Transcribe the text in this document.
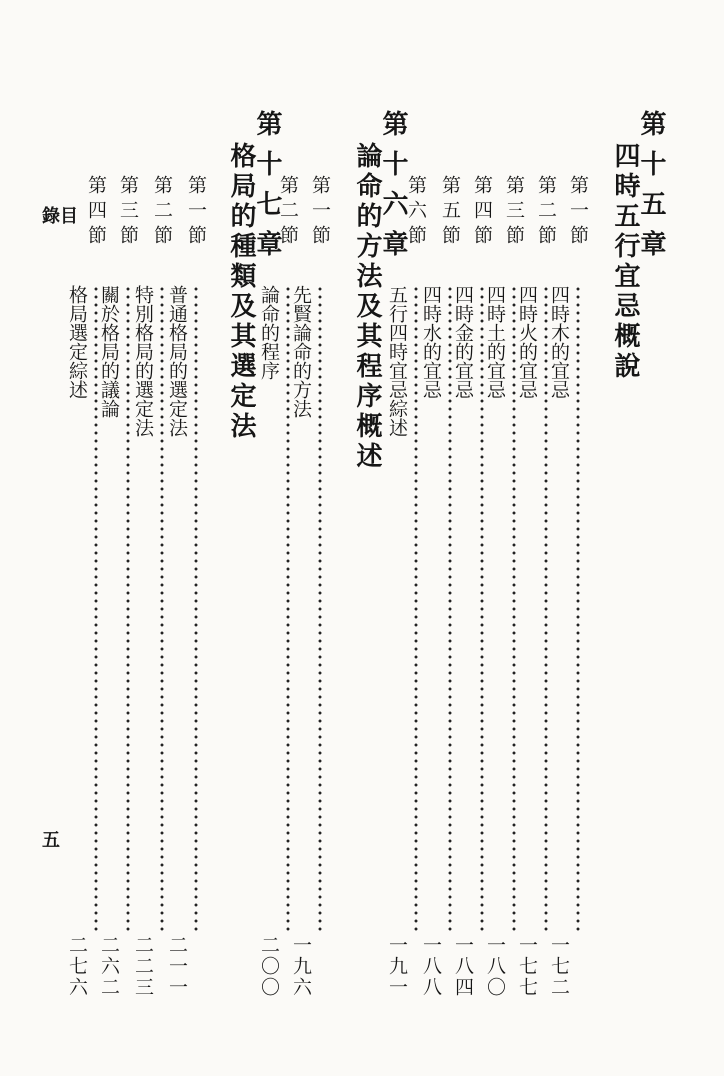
第十五章
四時五行宜忌概說
第一節
四時木的宜忌
一七二
第二節
四時火的宜忌
一七七
第三節
四時土的宜忌
一八〇
第四節
四時金的宜忌
一八四
第五節
四時水的宜忌
一八八
第六節
五行四時宜忌綜述
一九一
第十六章
論命的方法及其程序概述
第一節
先賢論命的方法
一九六
第二節
論命的程序
二〇〇
第十七章
格局的種類及其選定法
第一節
普通格局的選定法
二一一
第二節
特別格局的選定法
二二三
第三節
關於格局的議論
二六二
第四節
格局選定綜述
二七六
目
錄
五
